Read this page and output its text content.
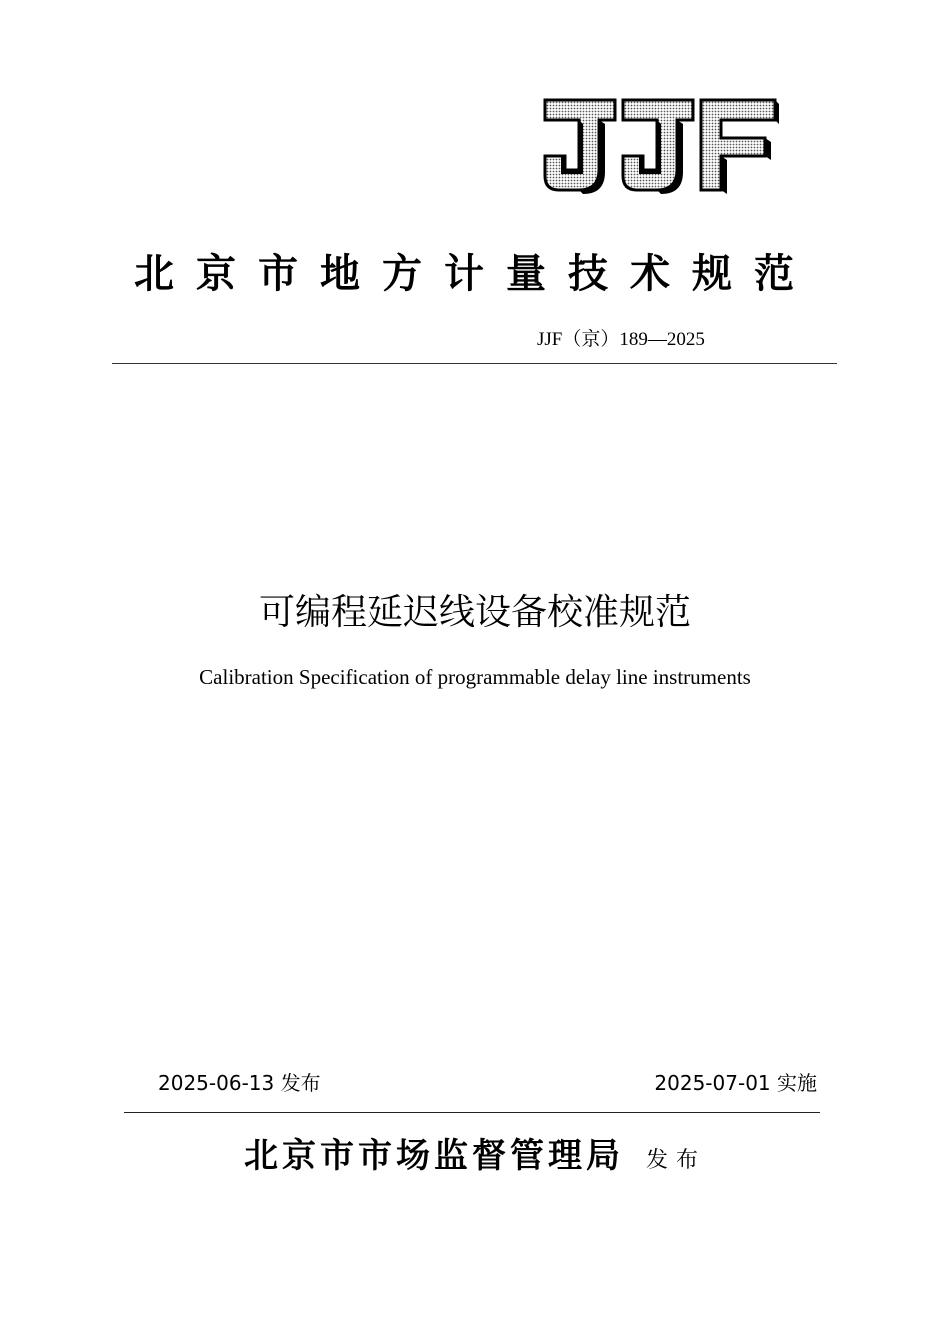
北京市地方计量技术规范
JJF（京）189—2025
可编程延迟线设备校准规范
Calibration Specification of programmable delay line instruments
2025-06-13 发布	2025-07-01 实施
北京市市场监督管理局 发布
